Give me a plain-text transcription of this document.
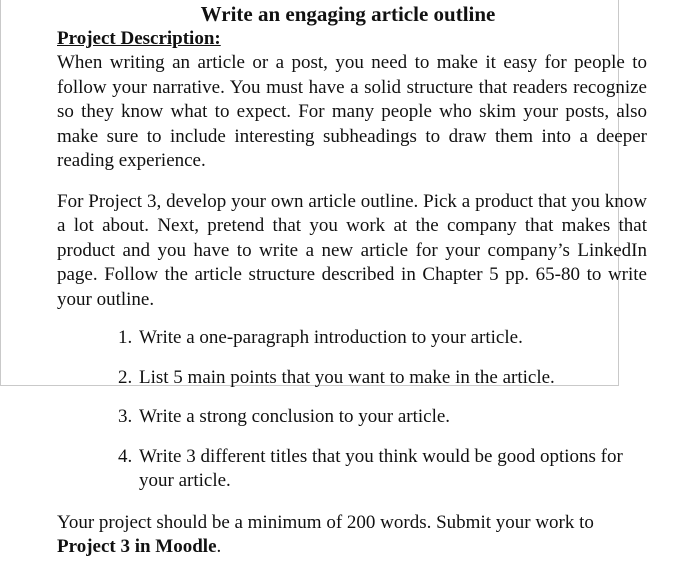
Write an engaging article outline
Project Description:

When writing an article or a post, you need to make it easy for people to follow your narrative. You must have a solid structure that readers recognize so they know what to expect. For many people who skim your posts, also make sure to include interesting subheadings to draw them into a deeper reading experience.

For Project 3, develop your own article outline. Pick a product that you know a lot about. Next, pretend that you work at the company that makes that product and you have to write a new article for your company’s LinkedIn page. Follow the article structure described in Chapter 5 pp. 65-80 to write your outline.

1. Write a one-paragraph introduction to your article.
2. List 5 main points that you want to make in the article.
3. Write a strong conclusion to your article.
4. Write 3 different titles that you think would be good options for your article.

Your project should be a minimum of 200 words. Submit your work to Project 3 in Moodle.
